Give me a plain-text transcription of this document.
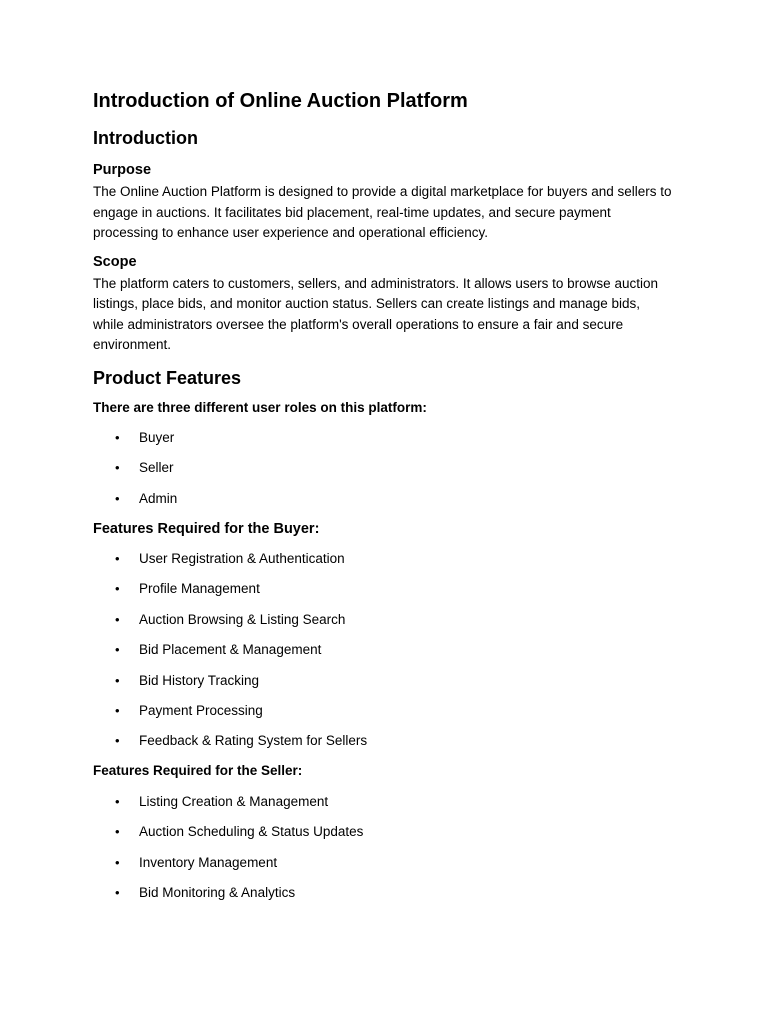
Introduction of Online Auction Platform
Introduction
Purpose

The Online Auction Platform is designed to provide a digital marketplace for buyers and sellers to engage in auctions. It facilitates bid placement, real-time updates, and secure payment processing to enhance user experience and operational efficiency.

Scope

The platform caters to customers, sellers, and administrators. It allows users to browse auction listings, place bids, and monitor auction status. Sellers can create listings and manage bids, while administrators oversee the platform's overall operations to ensure a fair and secure environment.

Product Features

There are three different user roles on this platform:

• Buyer
• Seller
• Admin
Features Required for the Buyer:
• User Registration & Authentication
• Profile Management
• Auction Browsing & Listing Search
• Bid Placement & Management
• Bid History Tracking
• Payment Processing
• Feedback & Rating System for Sellers

Features Required for the Seller:

• Listing Creation & Management
• Auction Scheduling & Status Updates
• Inventory Management
• Bid Monitoring & Analytics
